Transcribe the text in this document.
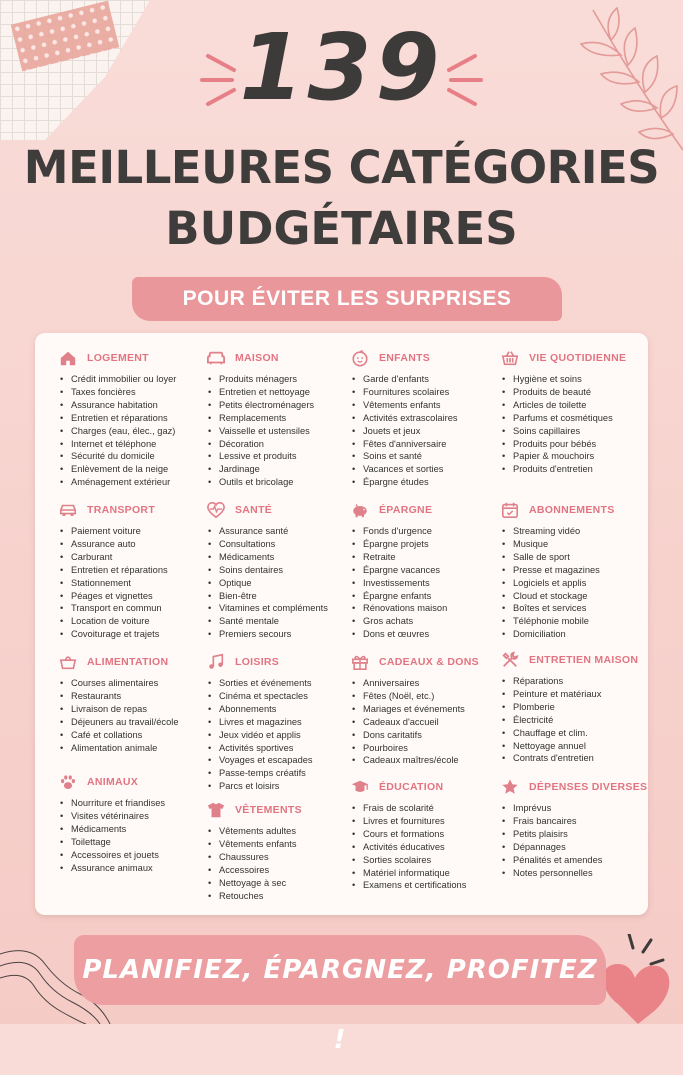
139
MEILLEURES CATÉGORIES
BUDGÉTAIRES
POUR ÉVITER LES SURPRISES
LOGEMENT
• Crédit immobilier ou loyer
• Taxes foncières
• Assurance habitation
• Entretien et réparations
• Charges (eau, élec., gaz)
• Internet et téléphone
• Sécurité du domicile
• Enlèvement de la neige
• Aménagement extérieur
MAISON
• Produits ménagers
• Entretien et nettoyage
• Petits électroménagers
• Remplacements
• Vaisselle et ustensiles
• Décoration
• Lessive et produits
• Jardinage
• Outils et bricolage
ENFANTS
• Garde d'enfants
• Fournitures scolaires
• Vêtements enfants
• Activités extrascolaires
• Jouets et jeux
• Fêtes d'anniversaire
• Soins et santé
• Vacances et sorties
• Épargne études
VIE QUOTIDIENNE
• Hygiène et soins
• Produits de beauté
• Articles de toilette
• Parfums et cosmétiques
• Soins capillaires
• Produits pour bébés
• Papier & mouchoirs
• Produits d'entretien
TRANSPORT
• Paiement voiture
• Assurance auto
• Carburant
• Entretien et réparations
• Stationnement
• Péages et vignettes
• Transport en commun
• Location de voiture
• Covoiturage et trajets
SANTÉ
• Assurance santé
• Consultations
• Médicaments
• Soins dentaires
• Optique
• Bien-être
• Vitamines et compléments
• Santé mentale
• Premiers secours
ÉPARGNE
• Fonds d'urgence
• Épargne projets
• Retraite
• Épargne vacances
• Investissements
• Épargne enfants
• Rénovations maison
• Gros achats
• Dons et œuvres
ABONNEMENTS
• Streaming vidéo
• Musique
• Salle de sport
• Presse et magazines
• Logiciels et applis
• Cloud et stockage
• Boîtes et services
• Téléphonie mobile
• Domiciliation
ALIMENTATION
• Courses alimentaires
• Restaurants
• Livraison de repas
• Déjeuners au travail/école
• Café et collations
• Alimentation animale
LOISIRS
• Sorties et événements
• Cinéma et spectacles
• Abonnements
• Livres et magazines
• Jeux vidéo et applis
• Activités sportives
• Voyages et escapades
• Passe-temps créatifs
• Parcs et loisirs
CADEAUX & DONS
• Anniversaires
• Fêtes (Noël, etc.)
• Mariages et événements
• Cadeaux d'accueil
• Dons caritatifs
• Pourboires
• Cadeaux maîtres/école
ENTRETIEN MAISON
• Réparations
• Peinture et matériaux
• Plomberie
• Électricité
• Chauffage et clim.
• Nettoyage annuel
• Contrats d'entretien
ANIMAUX
• Nourriture et friandises
• Visites vétérinaires
• Médicaments
• Toilettage
• Accessoires et jouets
• Assurance animaux
VÊTEMENTS
• Vêtements adultes
• Vêtements enfants
• Chaussures
• Accessoires
• Nettoyage à sec
• Retouches
ÉDUCATION
• Frais de scolarité
• Livres et fournitures
• Cours et formations
• Activités éducatives
• Sorties scolaires
• Matériel informatique
• Examens et certifications
DÉPENSES DIVERSES
• Imprévus
• Frais bancaires
• Petits plaisirs
• Dépannages
• Pénalités et amendes
• Notes personnelles
PLANIFIEZ, ÉPARGNEZ, PROFITEZ !
